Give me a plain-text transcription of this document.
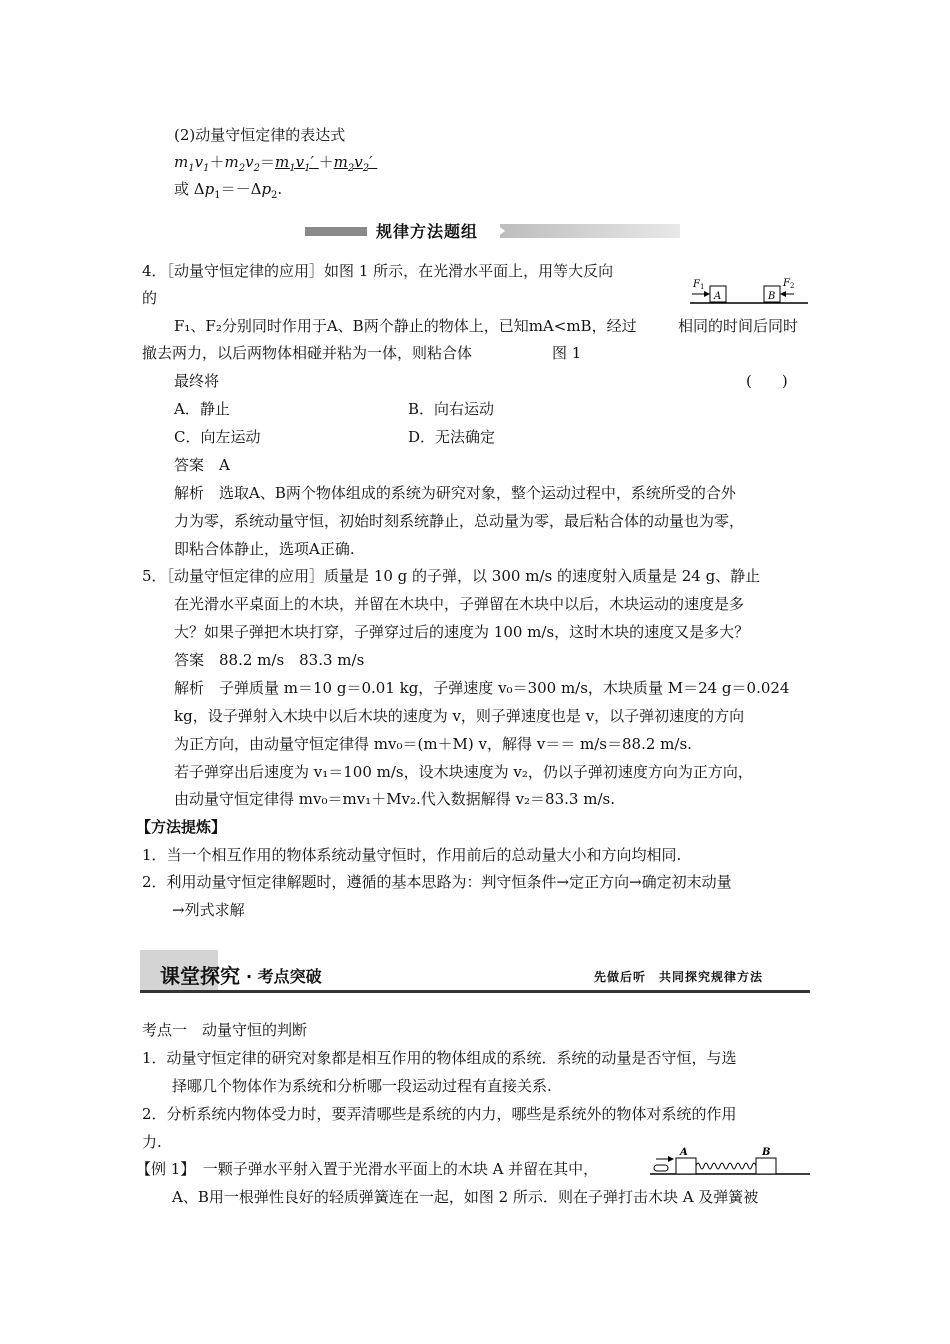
(2)动量守恒定律的表达式
$m_1v_1+m_2v_2=m_1v_1' +m_2v_2'$
或 $\Delta p_1=-\Delta p_2$.
规律方法题组
4．［动量守恒定律的应用］如图 1 所示，在光滑水平面上，用等大反向
的
F 1
A	B
F 2
F₁、F₂分别同时作用于A、B两个静止的物体上，已知mA<mB，经过	相同的时间后同时
撤去两力，以后两物体相碰并粘为一体，则粘合体	图 1
最终将	(　　)
A．静止	B．向右运动
C．向左运动	D．无法确定
答案　A
解析　选取A、B两个物体组成的系统为研究对象，整个运动过程中，系统所受的合外
力为零，系统动量守恒，初始时刻系统静止，总动量为零，最后粘合体的动量也为零，
即粘合体静止，选项A正确.
5．［动量守恒定律的应用］质量是 10 g 的子弹，以 300 m/s 的速度射入质量是 24 g、静止
在光滑水平桌面上的木块，并留在木块中，子弹留在木块中以后，木块运动的速度是多
大？如果子弹把木块打穿，子弹穿过后的速度为 100 m/s，这时木块的速度又是多大？
答案　88.2 m/s　83.3 m/s
解析　子弹质量 m＝10 g＝0.01 kg，子弹速度 v₀＝300 m/s，木块质量 M＝24 g＝0.024
kg，设子弹射入木块中以后木块的速度为 v，则子弹速度也是 v，以子弹初速度的方向
为正方向，由动量守恒定律得 mv₀＝(m＋M) v，解得 v＝＝ m/s＝88.2 m/s.
若子弹穿出后速度为 v₁＝100 m/s，设木块速度为 v₂，仍以子弹初速度方向为正方向，
由动量守恒定律得 mv₀＝mv₁＋Mv₂.代入数据解得 v₂＝83.3 m/s.
【方法提炼】
1．当一个相互作用的物体系统动量守恒时，作用前后的总动量大小和方向均相同.
2．利用动量守恒定律解题时，遵循的基本思路为：判守恒条件→定正方向→确定初末动量
→列式求解
课堂探究 · 考点突破	先做后听　共同探究规律方法
考点一　动量守恒的判断
1．动量守恒定律的研究对象都是相互作用的物体组成的系统．系统的动量是否守恒，与选
择哪几个物体作为系统和分析哪一段运动过程有直接关系.
2．分析系统内物体受力时，要弄清哪些是系统的内力，哪些是系统外的物体对系统的作用
力.
【例 1】　一颗子弹水平射入置于光滑水平面上的木块 A 并留在其中，
A	B
A、B用一根弹性良好的轻质弹簧连在一起，如图 2 所示．则在子弹打击木块 A 及弹簧被
